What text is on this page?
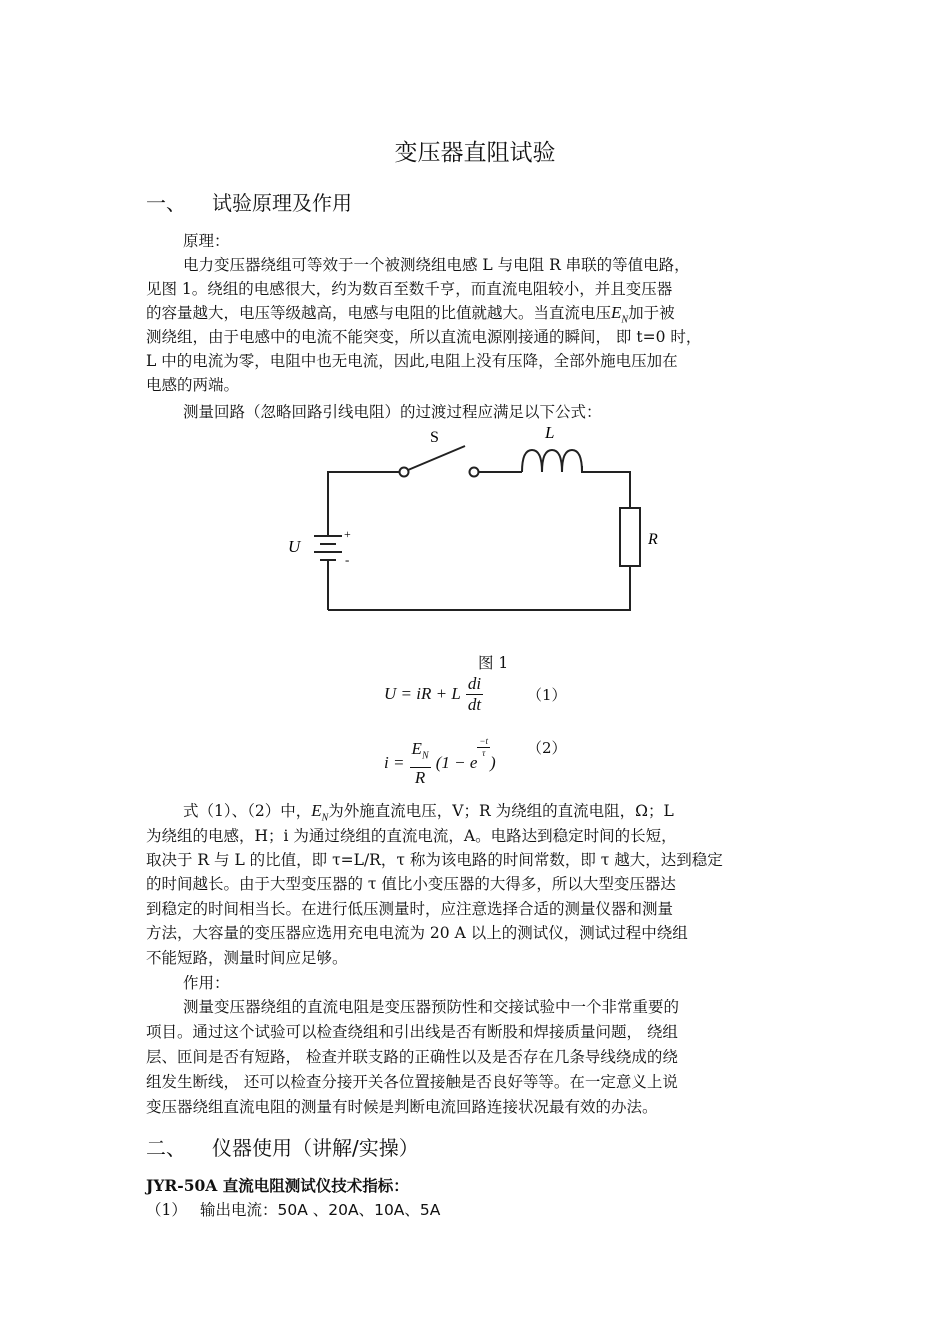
变压器直阻试验
一、 试验原理及作用
原理：
电力变压器绕组可等效于一个被测绕组电感 L 与电阻 R 串联的等值电路，
见图 1。绕组的电感很大，约为数百至数千亨，而直流电阻较小，并且变压器
的容量越大，电压等级越高，电感与电阻的比值就越大。当直流电压$E_N$加于被
测绕组，由于电感中的电流不能突变，所以直流电源刚接通的瞬间， 即 t=0 时，
L 中的电流为零，电阻中也无电流，因此,电阻上没有压降，全部外施电压加在
电感的两端。
测量回路（忽略回路引线电阻）的过渡过程应满足以下公式：
S	L
R
U
+
-
图 1
U = iR + L $\frac{di}{dt}$	（1）
$i = \frac{E_N}{R} (1 - e$
$\frac{-t}{\tau}$
)
（2）
式（1）、（2）中，$E_N$为外施直流电压，V；R 为绕组的直流电阻，Ω；L
为绕组的电感，H；i 为通过绕组的直流电流，A。电路达到稳定时间的长短，
取决于 R 与 L 的比值，即 τ=L/R，τ 称为该电路的时间常数，即 τ 越大，达到稳定
的时间越长。由于大型变压器的 τ 值比小变压器的大得多，所以大型变压器达
到稳定的时间相当长。在进行低压测量时，应注意选择合适的测量仪器和测量
方法，大容量的变压器应选用充电电流为 20 A 以上的测试仪，测试过程中绕组
不能短路，测量时间应足够。
作用：
测量变压器绕组的直流电阻是变压器预防性和交接试验中一个非常重要的
项目。通过这个试验可以检查绕组和引出线是否有断股和焊接质量问题， 绕组
层、匝间是否有短路， 检查并联支路的正确性以及是否存在几条导线绕成的绕
组发生断线， 还可以检查分接开关各位置接触是否良好等等。在一定意义上说
变压器绕组直流电阻的测量有时候是判断电流回路连接状况最有效的办法。
二、 仪器使用（讲解/实操）
JYR-50A 直流电阻测试仪技术指标：
（1） 输出电流：50A 、20A、10A、5A
